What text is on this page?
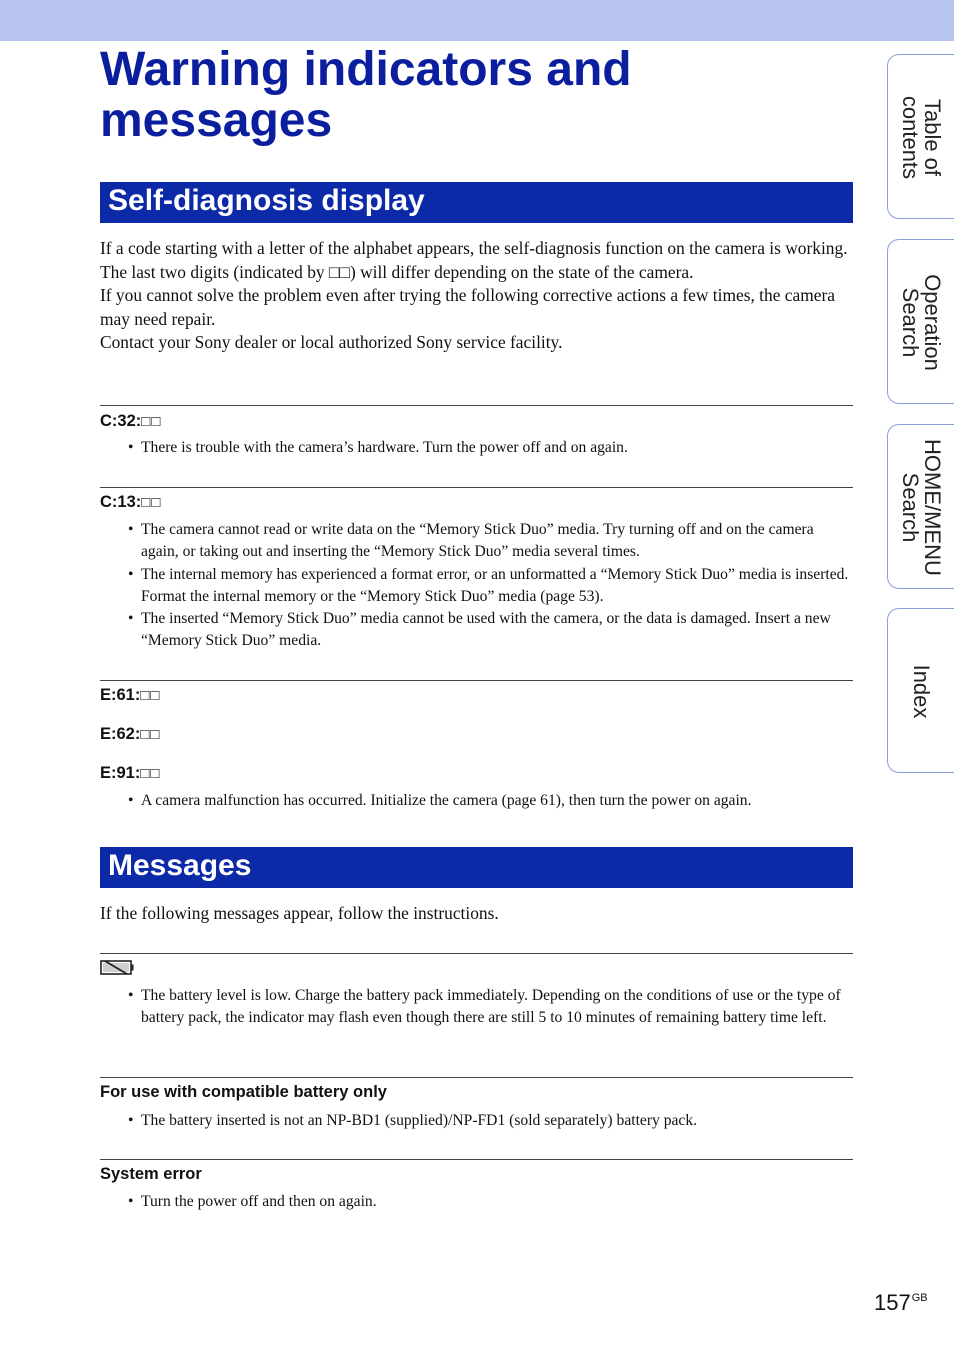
Warning indicators and messages	Table of contents
Operation Search
HOME/MENU Search
Index
Self-diagnosis display

If a code starting with a letter of the alphabet appears, the self-diagnosis function on the camera is working. The last two digits (indicated by □□) will differ depending on the state of the camera.

If you cannot solve the problem even after trying the following corrective actions a few times, the camera may need repair.

Contact your Sony dealer or local authorized Sony service facility.

C:32:□□
• There is trouble with the camera’s hardware. Turn the power off and on again.
C:13:□□
• The camera cannot read or write data on the “Memory Stick Duo” media. Try turning off and on the camera again, or taking out and inserting the “Memory Stick Duo” media several times.
• The internal memory has experienced a format error, or an unformatted a “Memory Stick Duo” media is inserted. Format the internal memory or the “Memory Stick Duo” media (page 53).
• The inserted “Memory Stick Duo” media cannot be used with the camera, or the data is damaged. Insert a new “Memory Stick Duo” media.
E:61:□□
E:62:□□
E:91:□□
• A camera malfunction has occurred. Initialize the camera (page 61), then turn the power on again.
Messages

If the following messages appear, follow the instructions.

• The battery level is low. Charge the battery pack immediately. Depending on the conditions of use or the type of battery pack, the indicator may flash even though there are still 5 to 10 minutes of remaining battery time left.
For use with compatible battery only
• The battery inserted is not an NP-BD1 (supplied)/NP-FD1 (sold separately) battery pack.
System error
• Turn the power off and then on again.
$157^{GB}$
